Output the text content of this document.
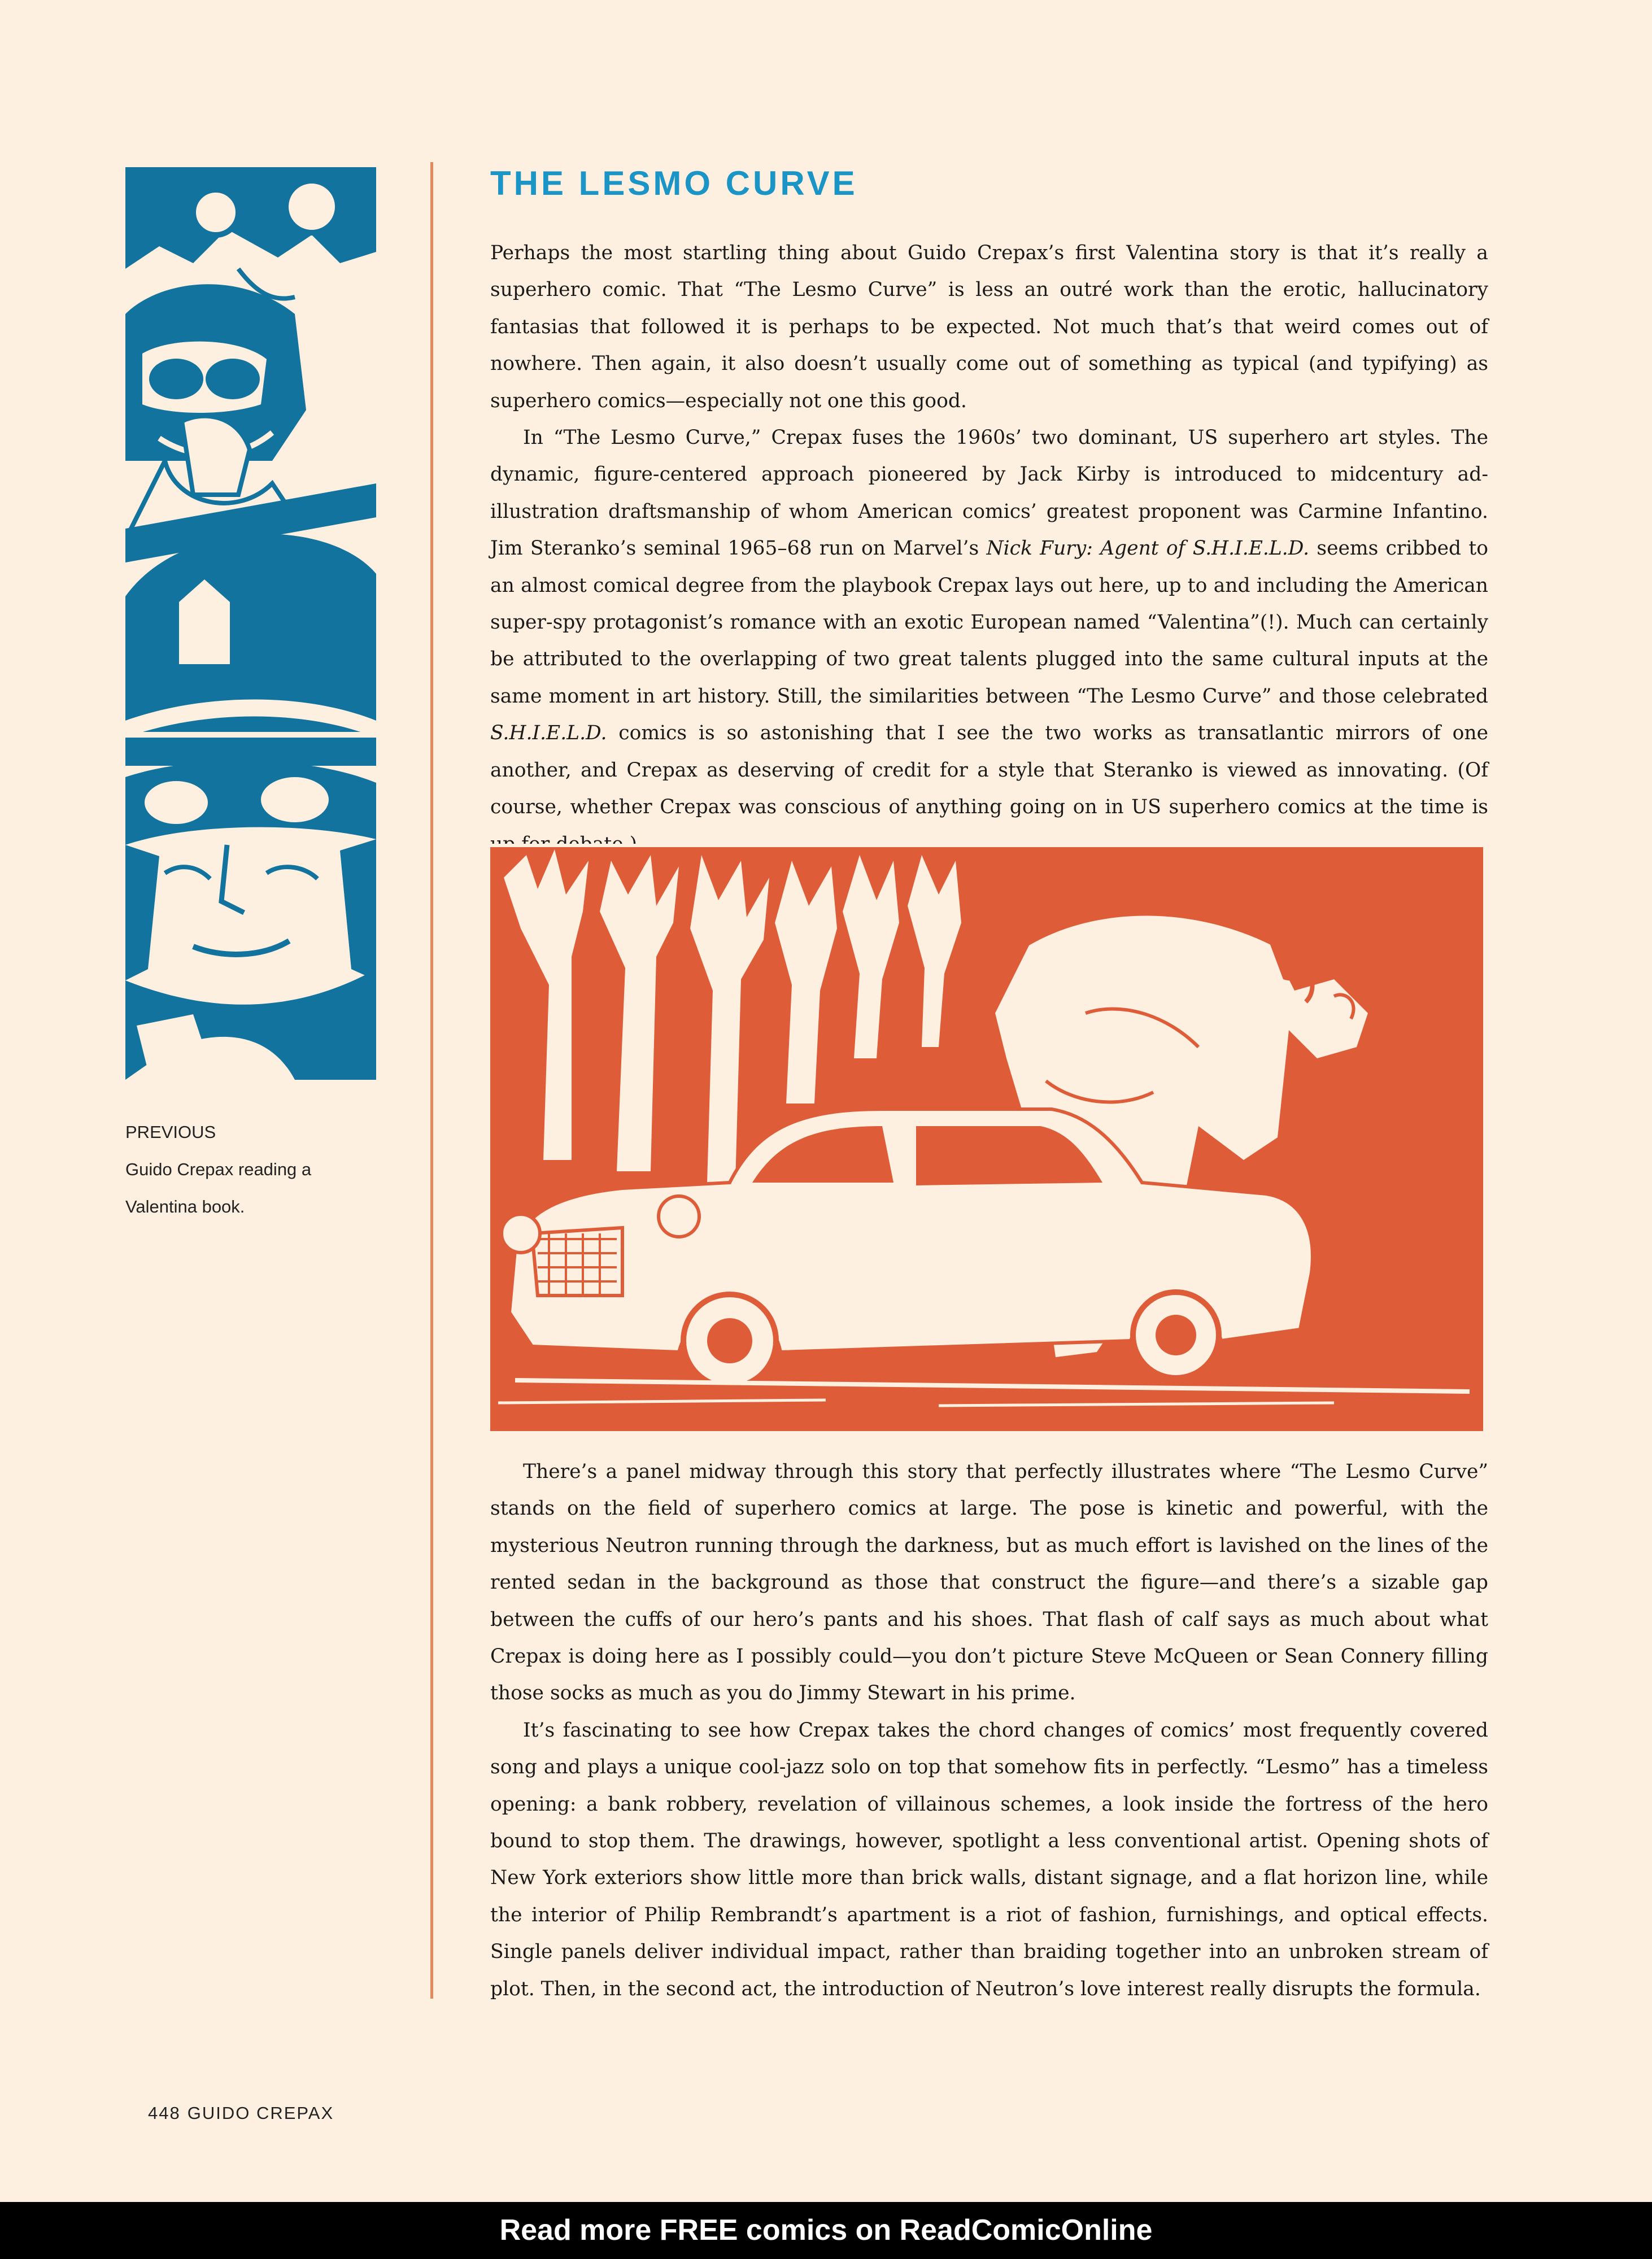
PREVIOUS
Guido Crepax reading a
Valentina book.
THE LESMO CURVE

Perhaps the most startling thing about Guido Crepax’s first Valentina story is that it’s really a superhero comic. That “The Lesmo Curve” is less an outré work than the erotic, hallucinatory fantasias that followed it is perhaps to be expected. Not much that’s that weird comes out of nowhere. Then again, it also doesn’t usually come out of something as typical (and typifying) as superhero comics—especially not one this good.

In “The Lesmo Curve,” Crepax fuses the 1960s’ two dominant, US superhero art styles. The dynamic, figure-centered approach pioneered by Jack Kirby is introduced to midcentury ad-illustration draftsmanship of whom American comics’ greatest proponent was Carmine Infantino. Jim Steranko’s seminal 1965–68 run on Marvel’s Nick Fury: Agent of S.H.I.E.L.D. seems cribbed to an almost comical degree from the playbook Crepax lays out here, up to and including the American super-spy protagonist’s romance with an exotic European named “Valentina”(!). Much can certainly be attributed to the overlapping of two great talents plugged into the same cultural inputs at the same moment in art history. Still, the similarities between “The Lesmo Curve” and those celebrated S.H.I.E.L.D. comics is so astonishing that I see the two works as transatlantic mirrors of one another, and Crepax as deserving of credit for a style that Steranko is viewed as innovating. (Of course, whether Crepax was conscious of anything going on in US superhero comics at the time is

There’s a panel midway through this story that perfectly illustrates where “The Lesmo Curve” stands on the field of superhero comics at large. The pose is kinetic and powerful, with the mysterious Neutron running through the darkness, but as much effort is lavished on the lines of the rented sedan in the background as those that construct the figure—and there’s a sizable gap between the cuffs of our hero’s pants and his shoes. That flash of calf says as much about what Crepax is doing here as I possibly could—you don’t picture Steve McQueen or Sean Connery filling those socks as much as you do Jimmy Stewart in his prime.

It’s fascinating to see how Crepax takes the chord changes of comics’ most frequently covered song and plays a unique cool-jazz solo on top that somehow fits in perfectly. “Lesmo” has a timeless opening: a bank robbery, revelation of villainous schemes, a look inside the fortress of the hero bound to stop them. The drawings, however, spotlight a less conventional artist. Opening shots of New York exteriors show little more than brick walls, distant signage, and a flat horizon line, while the interior of Philip Rembrandt’s apartment is a riot of fashion, furnishings, and optical effects. Single panels deliver individual impact, rather than braiding together into an unbroken stream of plot. Then, in the second act, the introduction of Neutron’s love interest really disrupts the formula.

448 GUIDO CREPAX
Read more FREE comics on ReadComicOnline
